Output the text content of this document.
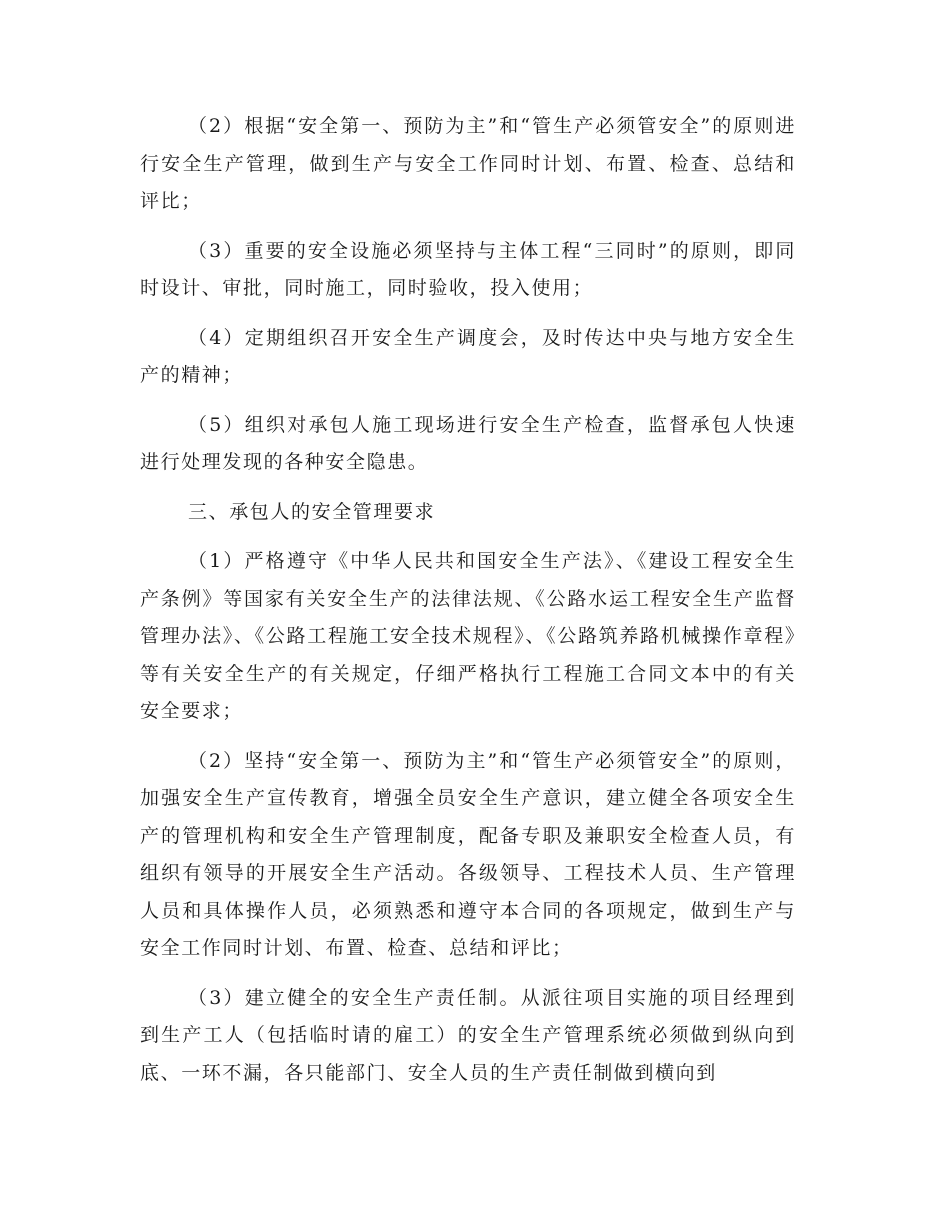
（2）根据“安全第一、预防为主”和“管生产必须管安全”的原则进行安全生产管理，做到生产与安全工作同时计划、布置、检查、总结和评比；

（3）重要的安全设施必须坚持与主体工程“三同时”的原则，即同时设计、审批，同时施工，同时验收，投入使用；

（4）定期组织召开安全生产调度会，及时传达中央与地方安全生产的精神；

（5）组织对承包人施工现场进行安全生产检查，监督承包人快速进行处理发现的各种安全隐患。

三、承包人的安全管理要求

（1）严格遵守《中华人民共和国安全生产法》、《建设工程安全生产条例》等国家有关安全生产的法律法规、《公路水运工程安全生产监督管理办法》、《公路工程施工安全技术规程》、《公路筑养路机械操作章程》等有关安全生产的有关规定，仔细严格执行工程施工合同文本中的有关安全要求；

（2）坚持“安全第一、预防为主”和“管生产必须管安全”的原则，加强安全生产宣传教育，增强全员安全生产意识，建立健全各项安全生产的管理机构和安全生产管理制度，配备专职及兼职安全检查人员，有组织有领导的开展安全生产活动。各级领导、工程技术人员、生产管理人员和具体操作人员，必须熟悉和遵守本合同的各项规定，做到生产与安全工作同时计划、布置、检查、总结和评比；

（3）建立健全的安全生产责任制。从派往项目实施的项目经理到到生产工人（包括临时请的雇工）的安全生产管理系统必须做到纵向到底、一环不漏，各只能部门、安全人员的生产责任制做到横向到
